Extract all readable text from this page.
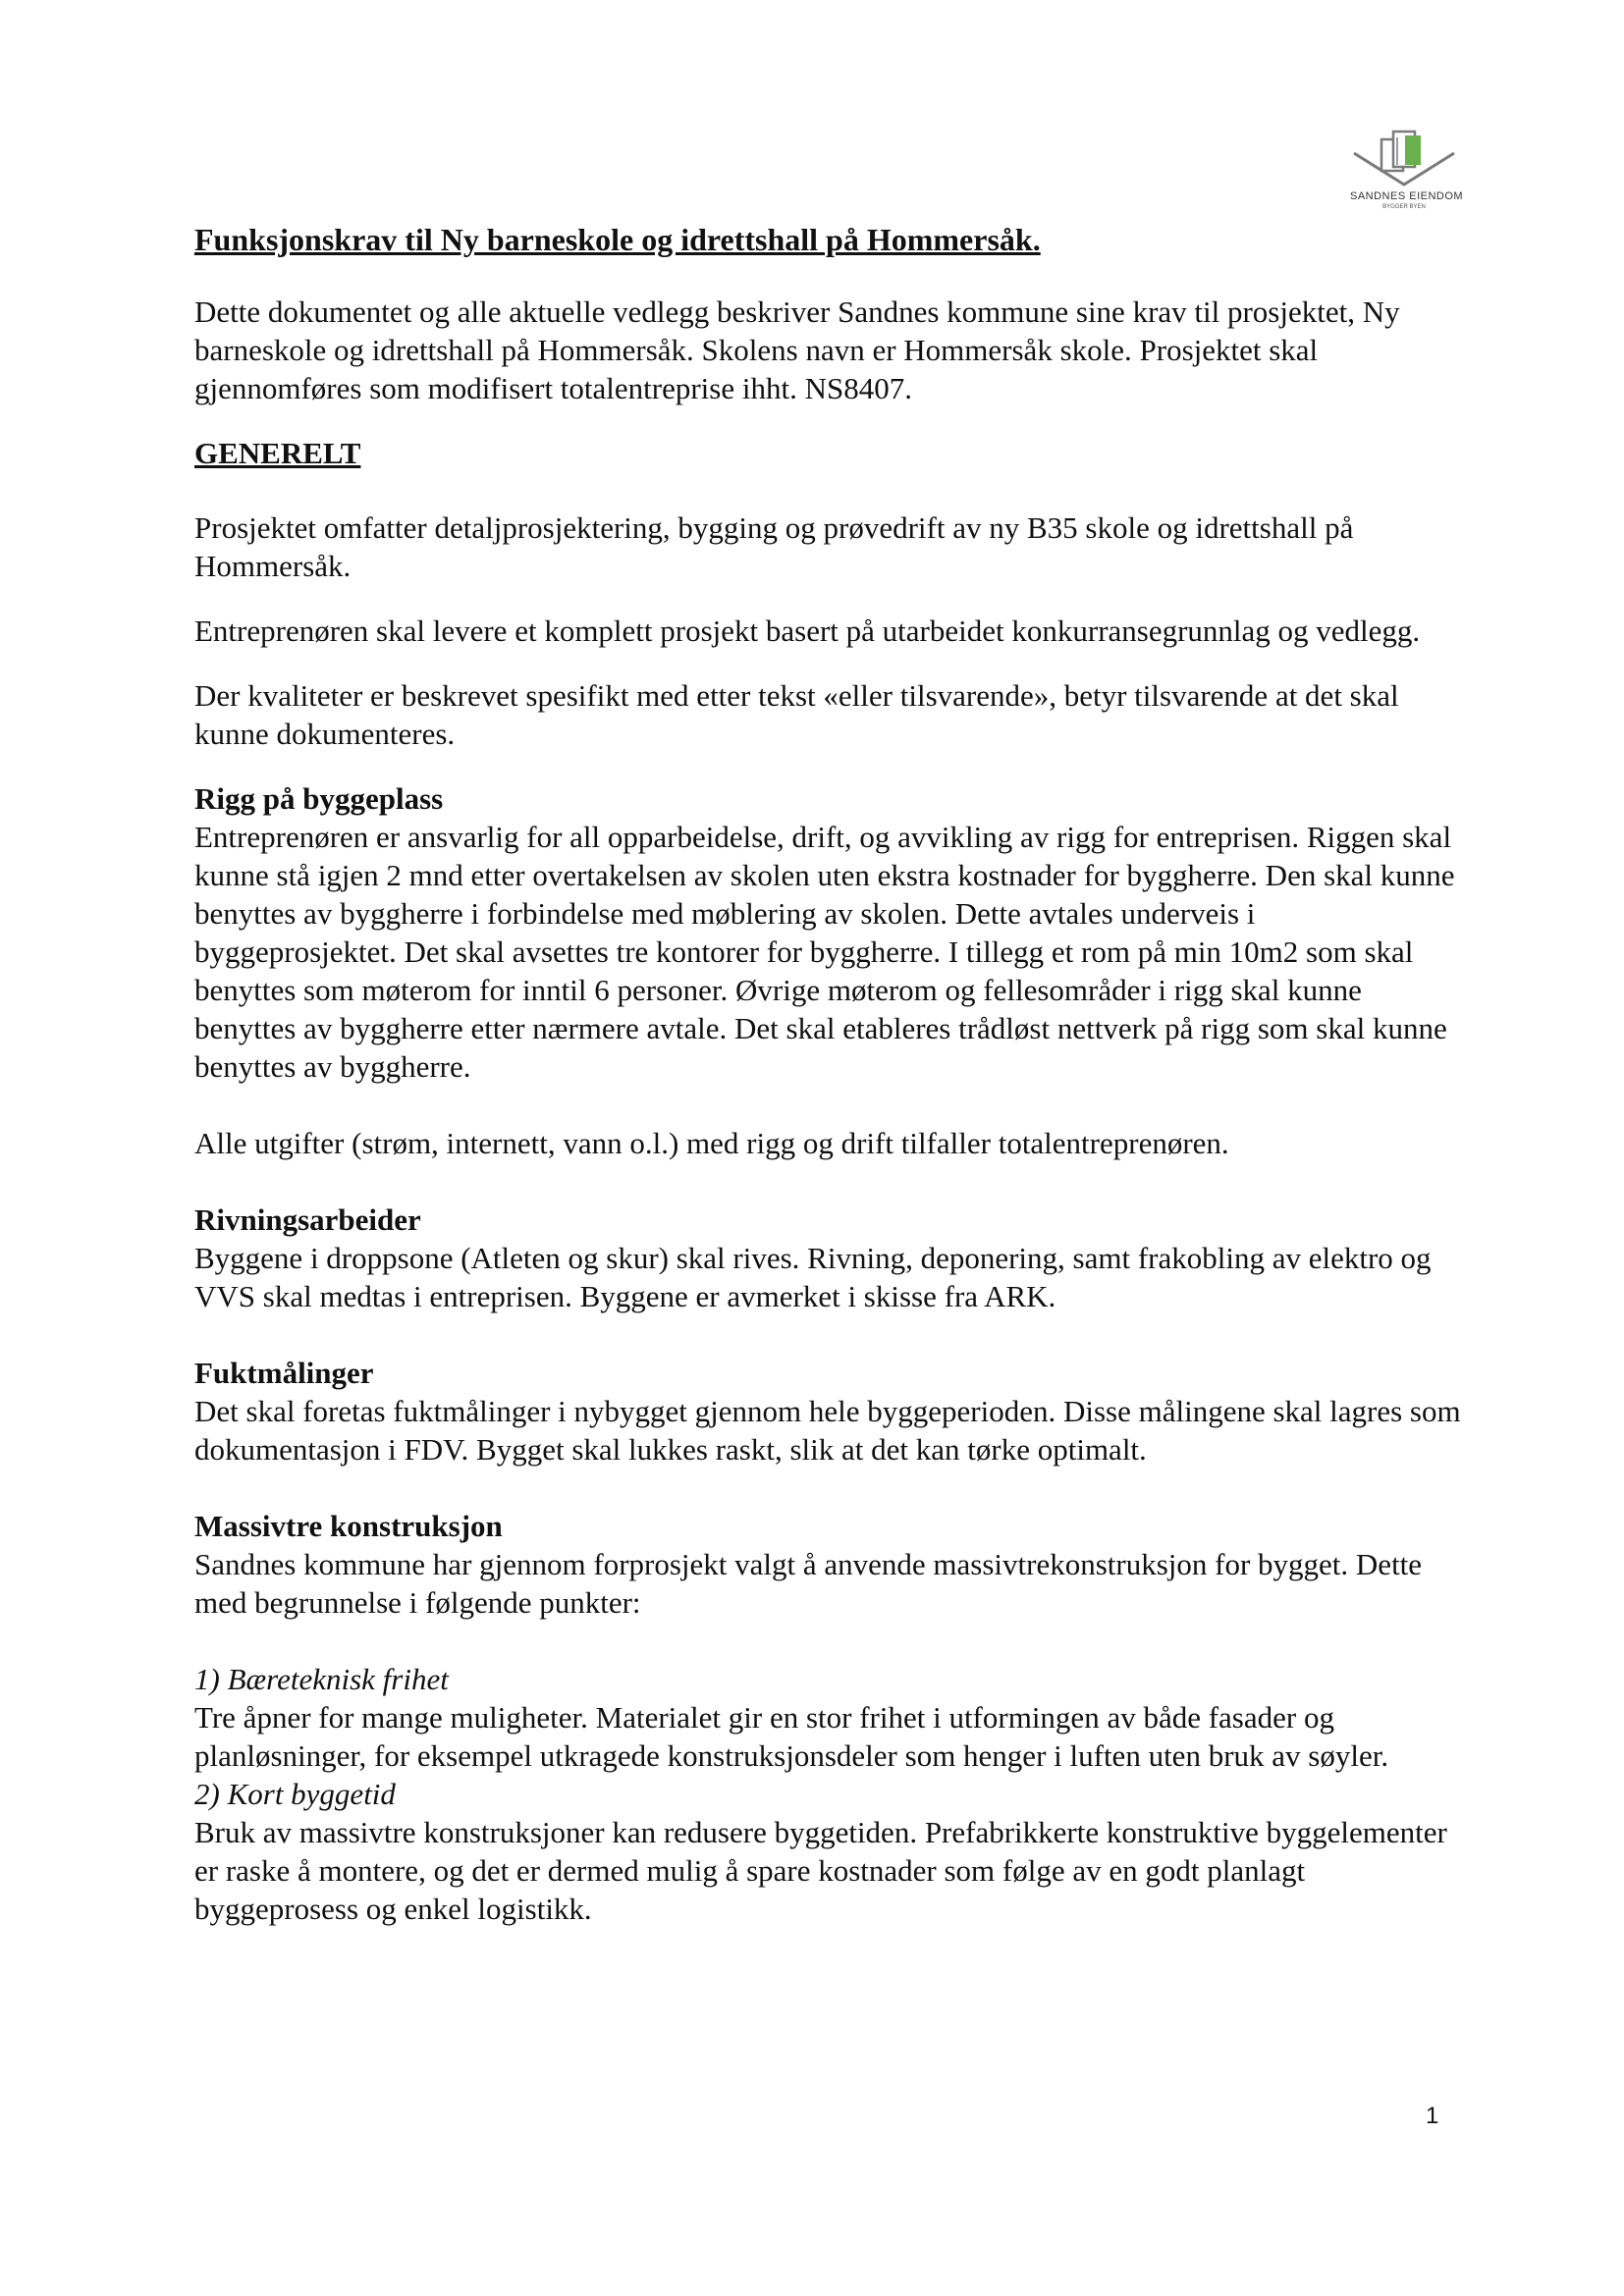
SANDNES EIENDOM
BYGGER BYEN

Funksjonskrav til Ny barneskole og idrettshall på Hommersåk.

Dette dokumentet og alle aktuelle vedlegg beskriver Sandnes kommune sine krav til prosjektet, Ny barneskole og idrettshall på Hommersåk. Skolens navn er Hommersåk skole. Prosjektet skal gjennomføres som modifisert totalentreprise ihht. NS8407.

GENERELT

Prosjektet omfatter detaljprosjektering, bygging og prøvedrift av ny B35 skole og idrettshall på Hommersåk.

Entreprenøren skal levere et komplett prosjekt basert på utarbeidet konkurransegrunnlag og vedlegg.

Der kvaliteter er beskrevet spesifikt med etter tekst «eller tilsvarende», betyr tilsvarende at det skal kunne dokumenteres.

Rigg på byggeplass

Entreprenøren er ansvarlig for all opparbeidelse, drift, og avvikling av rigg for entreprisen. Riggen skal kunne stå igjen 2 mnd etter overtakelsen av skolen uten ekstra kostnader for byggherre. Den skal kunne benyttes av byggherre i forbindelse med møblering av skolen. Dette avtales underveis i byggeprosjektet. Det skal avsettes tre kontorer for byggherre. I tillegg et rom på min 10m2 som skal benyttes som møterom for inntil 6 personer. Øvrige møterom og fellesområder i rigg skal kunne benyttes av byggherre etter nærmere avtale. Det skal etableres trådløst nettverk på rigg som skal kunne benyttes av byggherre.

Alle utgifter (strøm, internett, vann o.l.) med rigg og drift tilfaller totalentreprenøren.

Rivningsarbeider

Byggene i droppsone (Atleten og skur) skal rives. Rivning, deponering, samt frakobling av elektro og VVS skal medtas i entreprisen. Byggene er avmerket i skisse fra ARK.

Fuktmålinger

Det skal foretas fuktmålinger i nybygget gjennom hele byggeperioden. Disse målingene skal lagres som dokumentasjon i FDV. Bygget skal lukkes raskt, slik at det kan tørke optimalt.

Massivtre konstruksjon

Sandnes kommune har gjennom forprosjekt valgt å anvende massivtrekonstruksjon for bygget. Dette med begrunnelse i følgende punkter:

1) Bæreteknisk frihet

Tre åpner for mange muligheter. Materialet gir en stor frihet i utformingen av både fasader og planløsninger, for eksempel utkragede konstruksjonsdeler som henger i luften uten bruk av søyler.

2) Kort byggetid

Bruk av massivtre konstruksjoner kan redusere byggetiden. Prefabrikkerte konstruktive byggelementer er raske å montere, og det er dermed mulig å spare kostnader som følge av en godt planlagt byggeprosess og enkel logistikk.

1
